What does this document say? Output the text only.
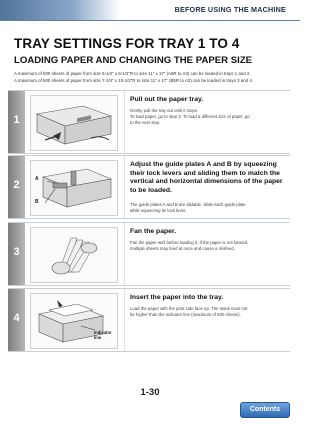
BEFORE USING THE MACHINE
TRAY SETTINGS FOR TRAY 1 TO 4
LOADING PAPER AND CHANGING THE PAPER SIZE
A maximum of 500 sheets of paper from size 5-1/2" x 8-1/2"R to size 11" x 17" (A5R to A3) can be loaded in trays 1 and 2.
A maximum of 500 sheets of paper from size 7-1/4" x 10-1/2"R to size 11" x 17" (B5R to A3) can be loaded in trays 3 and 4.
1
Pull out the paper tray.
Gently pull the tray out until it stops.
To load paper, go to step 3. To load a different size of paper, go
to the next step.
2	A
B
Adjust the guide plates A and B by squeezing their lock levers and sliding them to match the vertical and horizontal dimensions of the paper to be loaded.
The guide plates A and B are slidable. Slide each guide plate
while squeezing its lock lever.
3
Fan the paper.
Fan the paper well before loading it. If the paper is not fanned,
multiple sheets may feed at once and cause a misfeed.
4
Indicator
line
Insert the paper into the tray.
Load the paper with the print side face up. The stack must not
be higher than the indicator line (maximum of 500 sheets).
1-30
Contents
